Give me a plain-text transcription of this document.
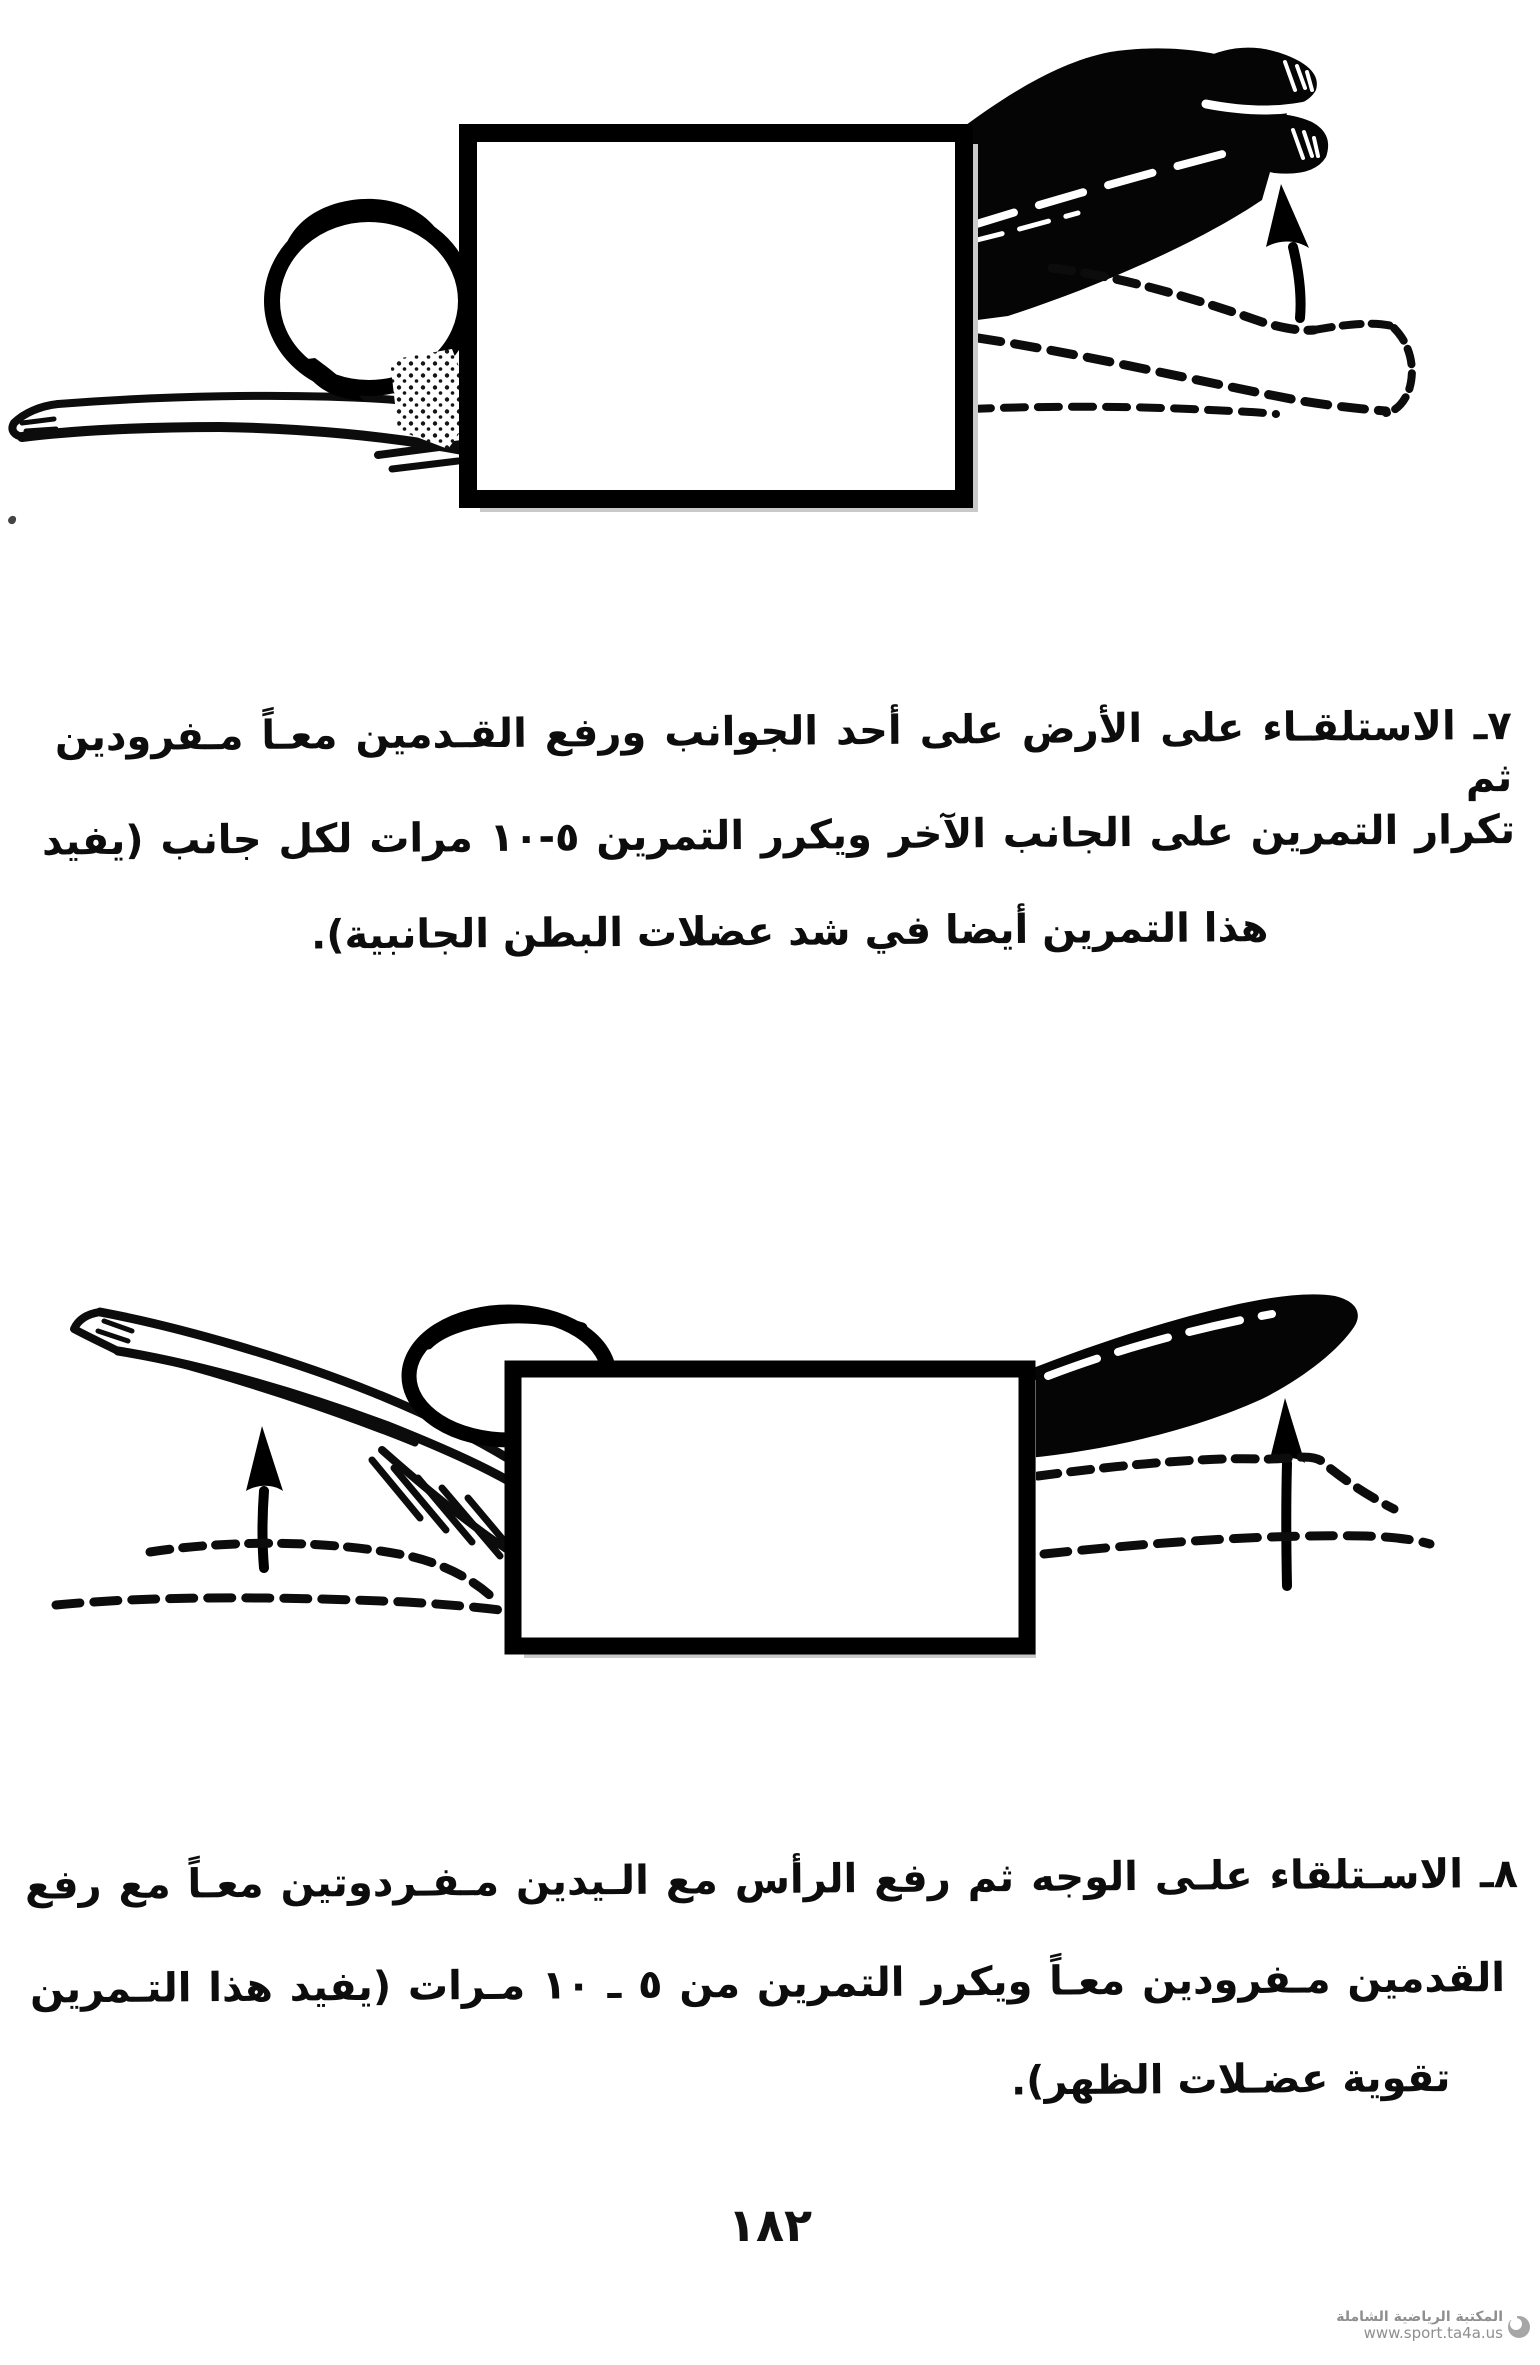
٧ـ الاستلقـاء على الأرض على أحد الجوانب ورفع القـدمين معـاً مـفرودين ثم
تكرار التمرين على الجانب الآخر ويكرر التمرين ٥-١٠ مرات لكل جانب (يفيد
هذا التمرين أيضا في شد عضلات البطن الجانبية).
٨ـ الاسـتلقاء علـى الوجه ثم رفع الرأس مع الـيدين مـفـردوتين معـاً مع رفع
القدمين مـفرودين معـاً ويكرر التمرين من ٥ ـ ١٠ مـرات (يفيد هذا التـمرين
تقوية عضـلات الظهر).
١٨٢
المكتبة الرياضية الشاملة
www.sport.ta4a.us
